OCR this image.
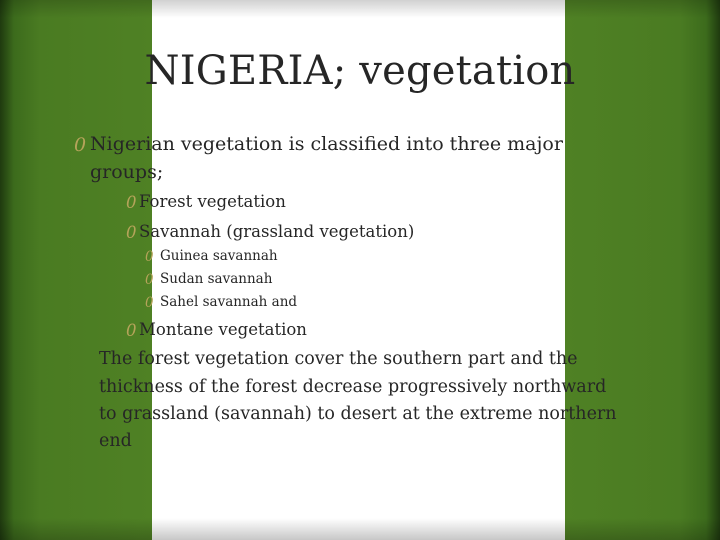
NIGERIA; vegetation
0 Nigerian vegetation is classified into three major
groups;
0 Forest vegetation
0 Savannah (grassland vegetation)
0 Guinea savannah
0 Sudan savannah
0 Sahel savannah and
0 Montane vegetation
The forest vegetation cover the southern part and the
thickness of the forest decrease progressively northward
to grassland (savannah) to desert at the extreme northern
end
